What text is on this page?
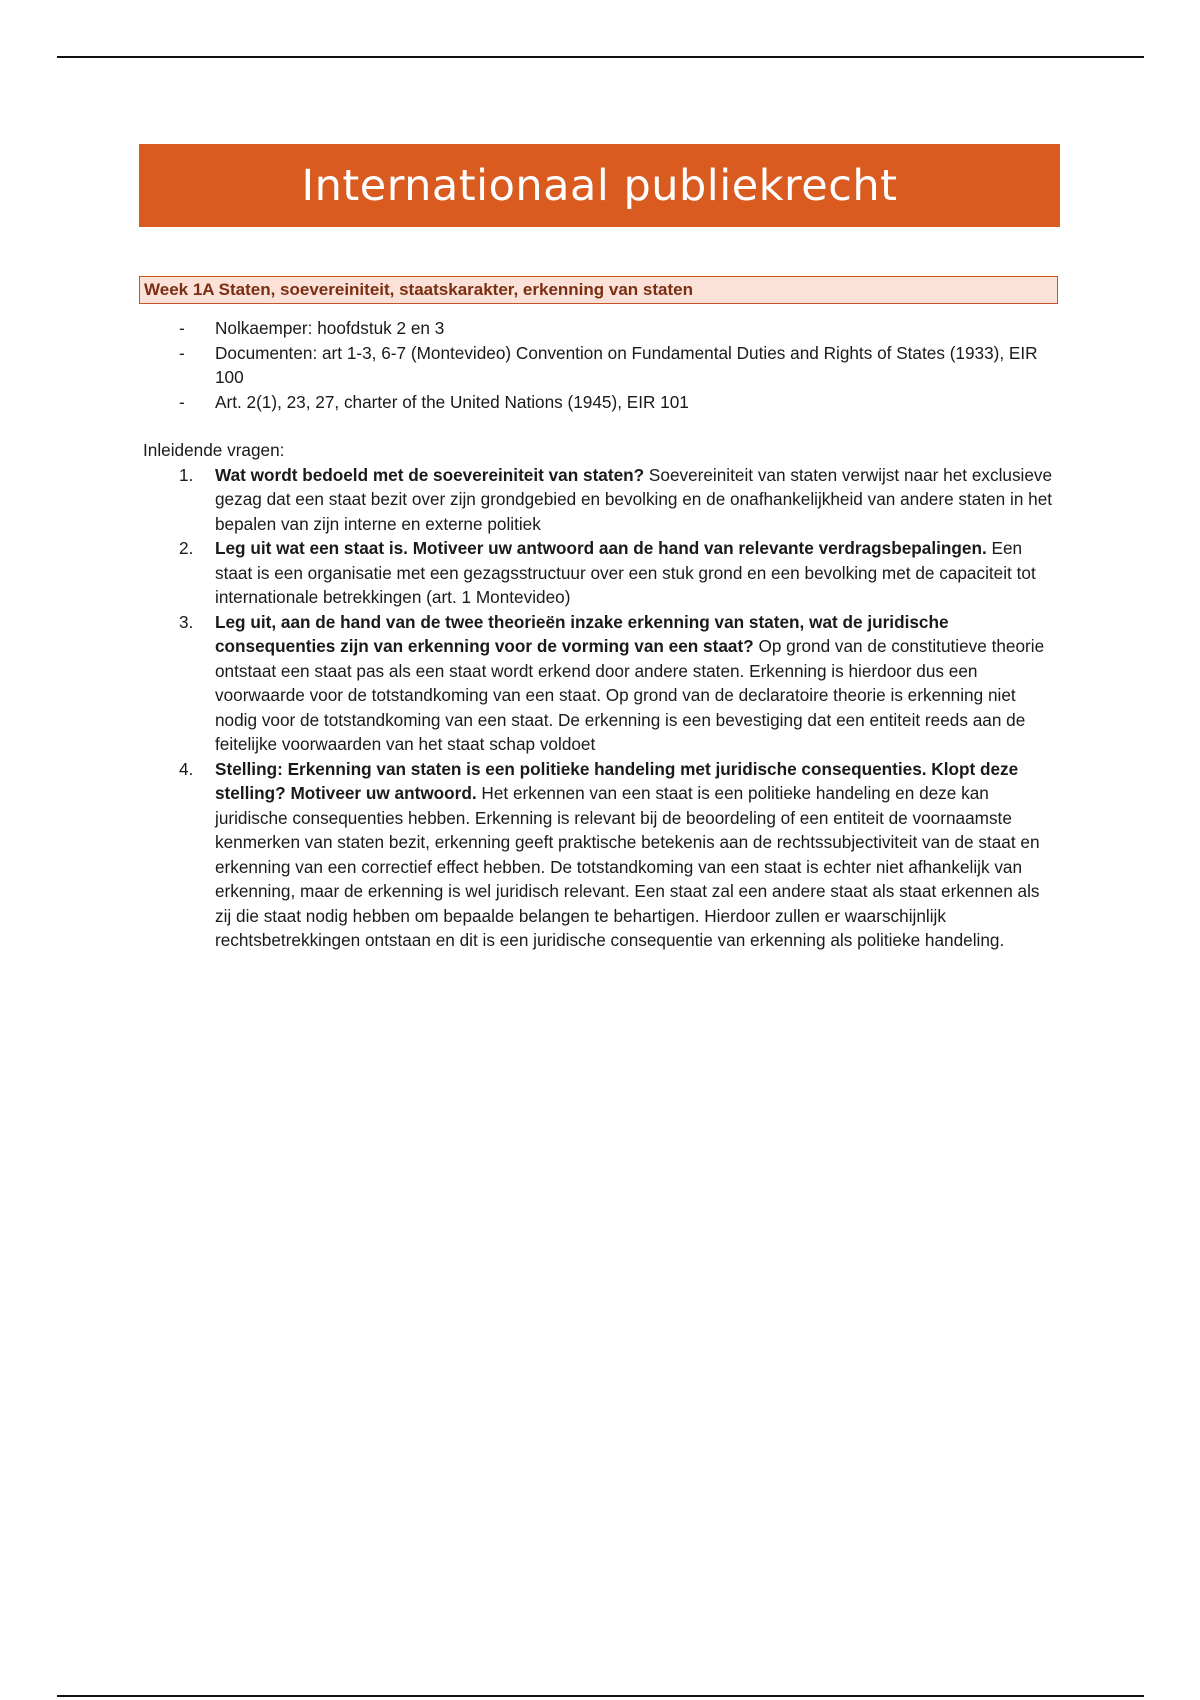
Internationaal publiekrecht
Week 1A Staten, soevereiniteit, staatskarakter, erkenning van staten
- Nolkaemper: hoofdstuk 2 en 3
- Documenten: art 1-3, 6-7 (Montevideo) Convention on Fundamental Duties and Rights of States (1933), EIR 100
- Art. 2(1), 23, 27, charter of the United Nations (1945), EIR 101
Inleidende vragen:
1. Wat wordt bedoeld met de soevereiniteit van staten? Soevereiniteit van staten verwijst naar het exclusieve gezag dat een staat bezit over zijn grondgebied en bevolking en de onafhankelijkheid van andere staten in het bepalen van zijn interne en externe politiek
2. Leg uit wat een staat is. Motiveer uw antwoord aan de hand van relevante verdragsbepalingen. Een staat is een organisatie met een gezagsstructuur over een stuk grond en een bevolking met de capaciteit tot internationale betrekkingen (art. 1 Montevideo)
3. Leg uit, aan de hand van de twee theorieën inzake erkenning van staten, wat de juridische consequenties zijn van erkenning voor de vorming van een staat? Op grond van de constitutieve theorie ontstaat een staat pas als een staat wordt erkend door andere staten. Erkenning is hierdoor dus een voorwaarde voor de totstandkoming van een staat. Op grond van de declaratoire theorie is erkenning niet nodig voor de totstandkoming van een staat. De erkenning is een bevestiging dat een entiteit reeds aan de feitelijke voorwaarden van het staat schap voldoet
4. Stelling: Erkenning van staten is een politieke handeling met juridische consequenties. Klopt deze stelling? Motiveer uw antwoord. Het erkennen van een staat is een politieke handeling en deze kan juridische consequenties hebben. Erkenning is relevant bij de beoordeling of een entiteit de voornaamste kenmerken van staten bezit, erkenning geeft praktische betekenis aan de rechtssubjectiviteit van de staat en erkenning van een correctief effect hebben. De totstandkoming van een staat is echter niet afhankelijk van erkenning, maar de erkenning is wel juridisch relevant. Een staat zal een andere staat als staat erkennen als zij die staat nodig hebben om bepaalde belangen te behartigen. Hierdoor zullen er waarschijnlijk rechtsbetrekkingen ontstaan en dit is een juridische consequentie van erkenning als politieke handeling.
